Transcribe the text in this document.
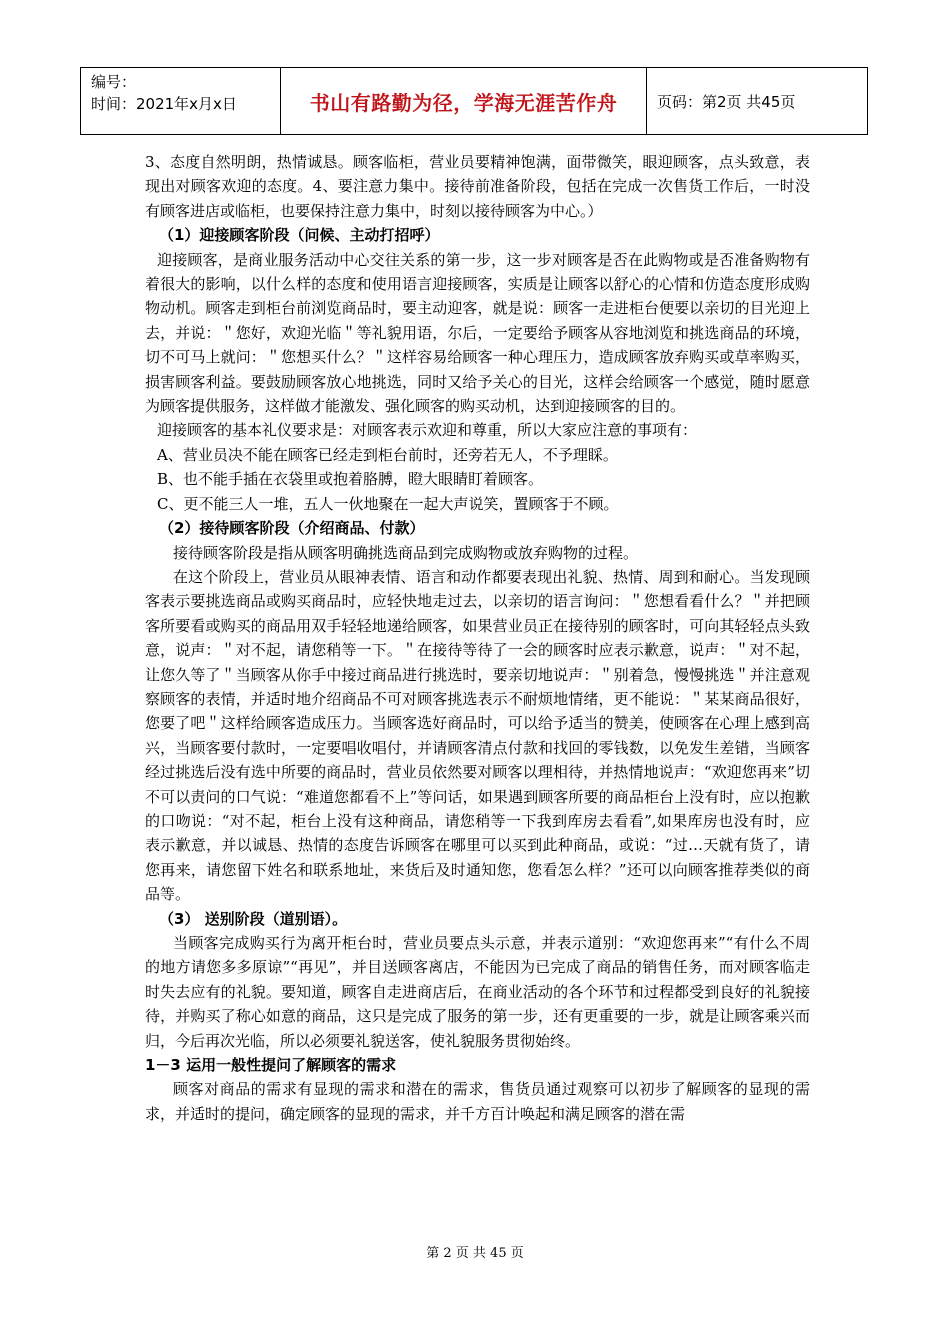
编号：
时间：2021年x月x日	书山有路勤为径，学海无涯苦作舟	页码：第2页 共45页

3、态度自然明朗，热情诚恳。顾客临柜，营业员要精神饱满，面带微笑，眼迎顾客，点头致意，表现出对顾客欢迎的态度。4、要注意力集中。接待前准备阶段，包括在完成一次售货工作后，一时没有顾客进店或临柜，也要保持注意力集中，时刻以接待顾客为中心。）

（1）迎接顾客阶段（问候、主动打招呼）

迎接顾客，是商业服务活动中心交往关系的第一步，这一步对顾客是否在此购物或是否准备购物有着很大的影响，以什么样的态度和使用语言迎接顾客，实质是让顾客以舒心的心情和仿造态度形成购物动机。顾客走到柜台前浏览商品时，要主动迎客，就是说：顾客一走进柜台便要以亲切的目光迎上去，并说：＂您好，欢迎光临＂等礼貌用语，尔后，一定要给予顾客从容地浏览和挑选商品的环境，切不可马上就问：＂您想买什么？＂这样容易给顾客一种心理压力，造成顾客放弃购买或草率购买，损害顾客利益。要鼓励顾客放心地挑选，同时又给予关心的目光，这样会给顾客一个感觉，随时愿意为顾客提供服务，这样做才能激发、强化顾客的购买动机，达到迎接顾客的目的。

迎接顾客的基本礼仪要求是：对顾客表示欢迎和尊重，所以大家应注意的事项有：

A、营业员决不能在顾客已经走到柜台前时，还旁若无人，不予理睬。

B、也不能手插在衣袋里或抱着胳膊，瞪大眼睛盯着顾客。

C、更不能三人一堆，五人一伙地聚在一起大声说笑，置顾客于不顾。

（2）接待顾客阶段（介绍商品、付款）

接待顾客阶段是指从顾客明确挑选商品到完成购物或放弃购物的过程。

在这个阶段上，营业员从眼神表情、语言和动作都要表现出礼貌、热情、周到和耐心。当发现顾客表示要挑选商品或购买商品时，应轻快地走过去，以亲切的语言询问：＂您想看看什么？＂并把顾客所要看或购买的商品用双手轻轻地递给顾客，如果营业员正在接待别的顾客时，可向其轻轻点头致意，说声：＂对不起，请您稍等一下。＂在接待等待了一会的顾客时应表示歉意，说声：＂对不起，让您久等了＂当顾客从你手中接过商品进行挑选时，要亲切地说声：＂别着急，慢慢挑选＂并注意观察顾客的表情，并适时地介绍商品不可对顾客挑选表示不耐烦地情绪，更不能说：＂某某商品很好，您要了吧＂这样给顾客造成压力。当顾客选好商品时，可以给予适当的赞美，使顾客在心理上感到高兴，当顾客要付款时，一定要唱收唱付，并请顾客清点付款和找回的零钱数，以免发生差错，当顾客经过挑选后没有选中所要的商品时，营业员依然要对顾客以理相待，并热情地说声：“欢迎您再来”切不可以责问的口气说：“难道您都看不上”等问话，如果遇到顾客所要的商品柜台上没有时，应以抱歉的口吻说：“对不起，柜台上没有这种商品，请您稍等一下我到库房去看看”,如果库房也没有时，应表示歉意，并以诚恳、热情的态度告诉顾客在哪里可以买到此种商品，或说：“过…天就有货了，请您再来，请您留下姓名和联系地址，来货后及时通知您，您看怎么样？”还可以向顾客推荐类似的商品等。

（3） 送别阶段（道别语）。

当顾客完成购买行为离开柜台时，营业员要点头示意，并表示道别：“欢迎您再来”“有什么不周的地方请您多多原谅”“再见”，并目送顾客离店，不能因为已完成了商品的销售任务，而对顾客临走时失去应有的礼貌。要知道，顾客自走进商店后，在商业活动的各个环节和过程都受到良好的礼貌接待，并购买了称心如意的商品，这只是完成了服务的第一步，还有更重要的一步，就是让顾客乘兴而归，今后再次光临，所以必须要礼貌送客，使礼貌服务贯彻始终。

1－3 运用一般性提问了解顾客的需求

顾客对商品的需求有显现的需求和潜在的需求，售货员通过观察可以初步了解顾客的显现的需求，并适时的提问，确定顾客的显现的需求，并千方百计唤起和满足顾客的潜在需

第 2 页 共 45 页
